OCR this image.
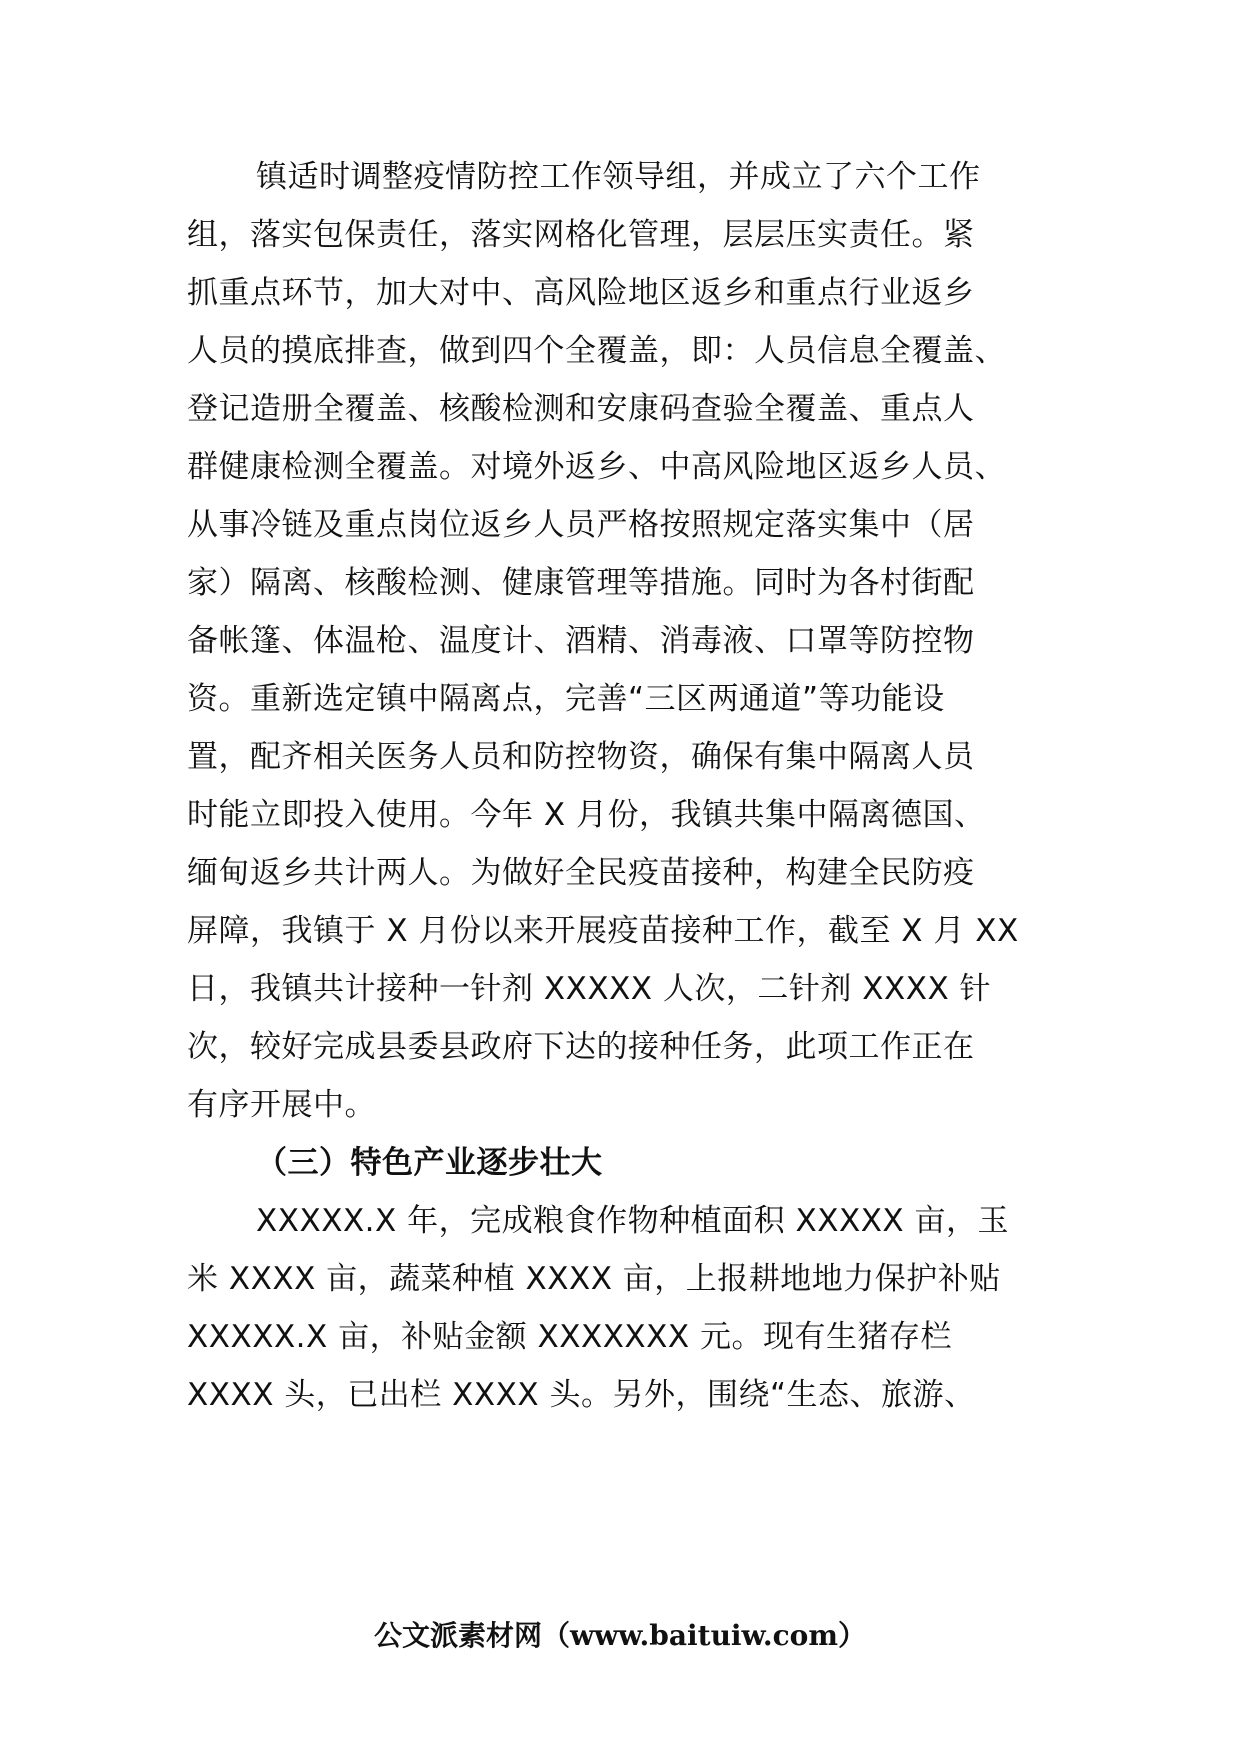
镇适时调整疫情防控工作领导组，并成立了六个工作
组，落实包保责任，落实网格化管理，层层压实责任。紧
抓重点环节，加大对中、高风险地区返乡和重点行业返乡
人员的摸底排查，做到四个全覆盖，即：人员信息全覆盖、
登记造册全覆盖、核酸检测和安康码查验全覆盖、重点人
群健康检测全覆盖。对境外返乡、中高风险地区返乡人员、
从事冷链及重点岗位返乡人员严格按照规定落实集中（居
家）隔离、核酸检测、健康管理等措施。同时为各村街配
备帐篷、体温枪、温度计、酒精、消毒液、口罩等防控物
资。重新选定镇中隔离点，完善“三区两通道”等功能设
置，配齐相关医务人员和防控物资，确保有集中隔离人员
时能立即投入使用。今年 X 月份，我镇共集中隔离德国、
缅甸返乡共计两人。为做好全民疫苗接种，构建全民防疫
屏障，我镇于 X 月份以来开展疫苗接种工作，截至 X 月 XX
日，我镇共计接种一针剂 XXXXX 人次，二针剂 XXXX 针
次，较好完成县委县政府下达的接种任务，此项工作正在
有序开展中。
（三）特色产业逐步壮大
XXXXX.X 年，完成粮食作物种植面积 XXXXX 亩，玉
米 XXXX 亩，蔬菜种植 XXXX 亩，上报耕地地力保护补贴
XXXXX.X 亩，补贴金额 XXXXXXX 元。现有生猪存栏
XXXX 头，已出栏 XXXX 头。另外，围绕“生态、旅游、
公文派素材网（www.baituiw.com）
